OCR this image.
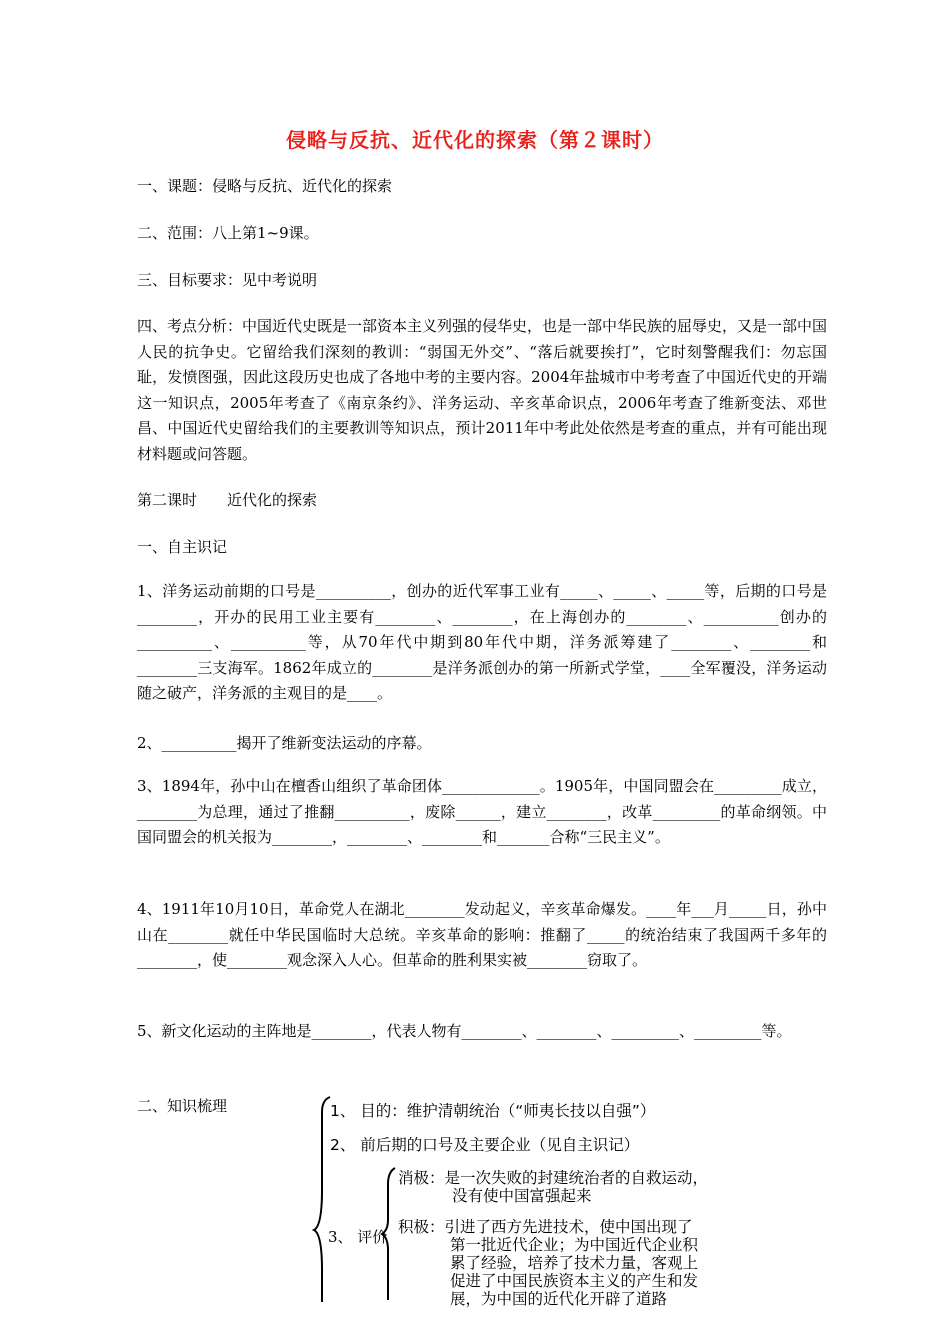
侵略与反抗、近代化的探索（第２课时）
一、课题：侵略与反抗、近代化的探索
二、范围：八上第1~9课。
三、目标要求：见中考说明
四、考点分析：中国近代史既是一部资本主义列强的侵华史，也是一部中华民族的屈辱史，又是一部中国人民的抗争史。它留给我们深刻的教训：“弱国无外交”、“落后就要挨打”，它时刻警醒我们：勿忘国耻，发愤图强，因此这段历史也成了各地中考的主要内容。2004年盐城市中考考查了中国近代史的开端这一知识点，2005年考查了《南京条约》、洋务运动、辛亥革命识点，2006年考查了维新变法、邓世昌、中国近代史留给我们的主要教训等知识点，预计2011年中考此处依然是考查的重点，并有可能出现材料题或问答题。
第二课时　　近代化的探索
一、自主识记
1、洋务运动前期的口号是__________，创办的近代军事工业有_____、_____、_____等，后期的口号是________，开办的民用工业主要有________、________，在上海创办的________、__________创办的__________、__________等，从70年代中期到80年代中期，洋务派筹建了________、________和________三支海军。1862年成立的________是洋务派创办的第一所新式学堂，____全军覆没，洋务运动随之破产，洋务派的主观目的是____。
2、__________揭开了维新变法运动的序幕。
3、1894年，孙中山在檀香山组织了革命团体_____________。1905年，中国同盟会在_________成立，________为总理，通过了推翻__________，废除______，建立________，改革_________的革命纲领。中国同盟会的机关报为________，________、________和_______合称“三民主义”。
4、1911年10月10日，革命党人在湖北________发动起义，辛亥革命爆发。____年___月_____日，孙中山在________就任中华民国临时大总统。辛亥革命的影响：推翻了_____的统治结束了我国两千多年的________，使________观念深入人心。但革命的胜利果实被________窃取了。
5、新文化运动的主阵地是________，代表人物有________、________、_________、_________等。
二、知识梳理	1、 目的：维护清朝统治（“师夷长技以自强”）
2、 前后期的口号及主要企业（见自主识记）
3、 评价
消极：是一次失败的封建统治者的自救运动，
没有使中国富强起来
积极：引进了西方先进技术，使中国出现了
第一批近代企业；为中国近代企业积
累了经验，培养了技术力量，客观上
促进了中国民族资本主义的产生和发
展，为中国的近代化开辟了道路
